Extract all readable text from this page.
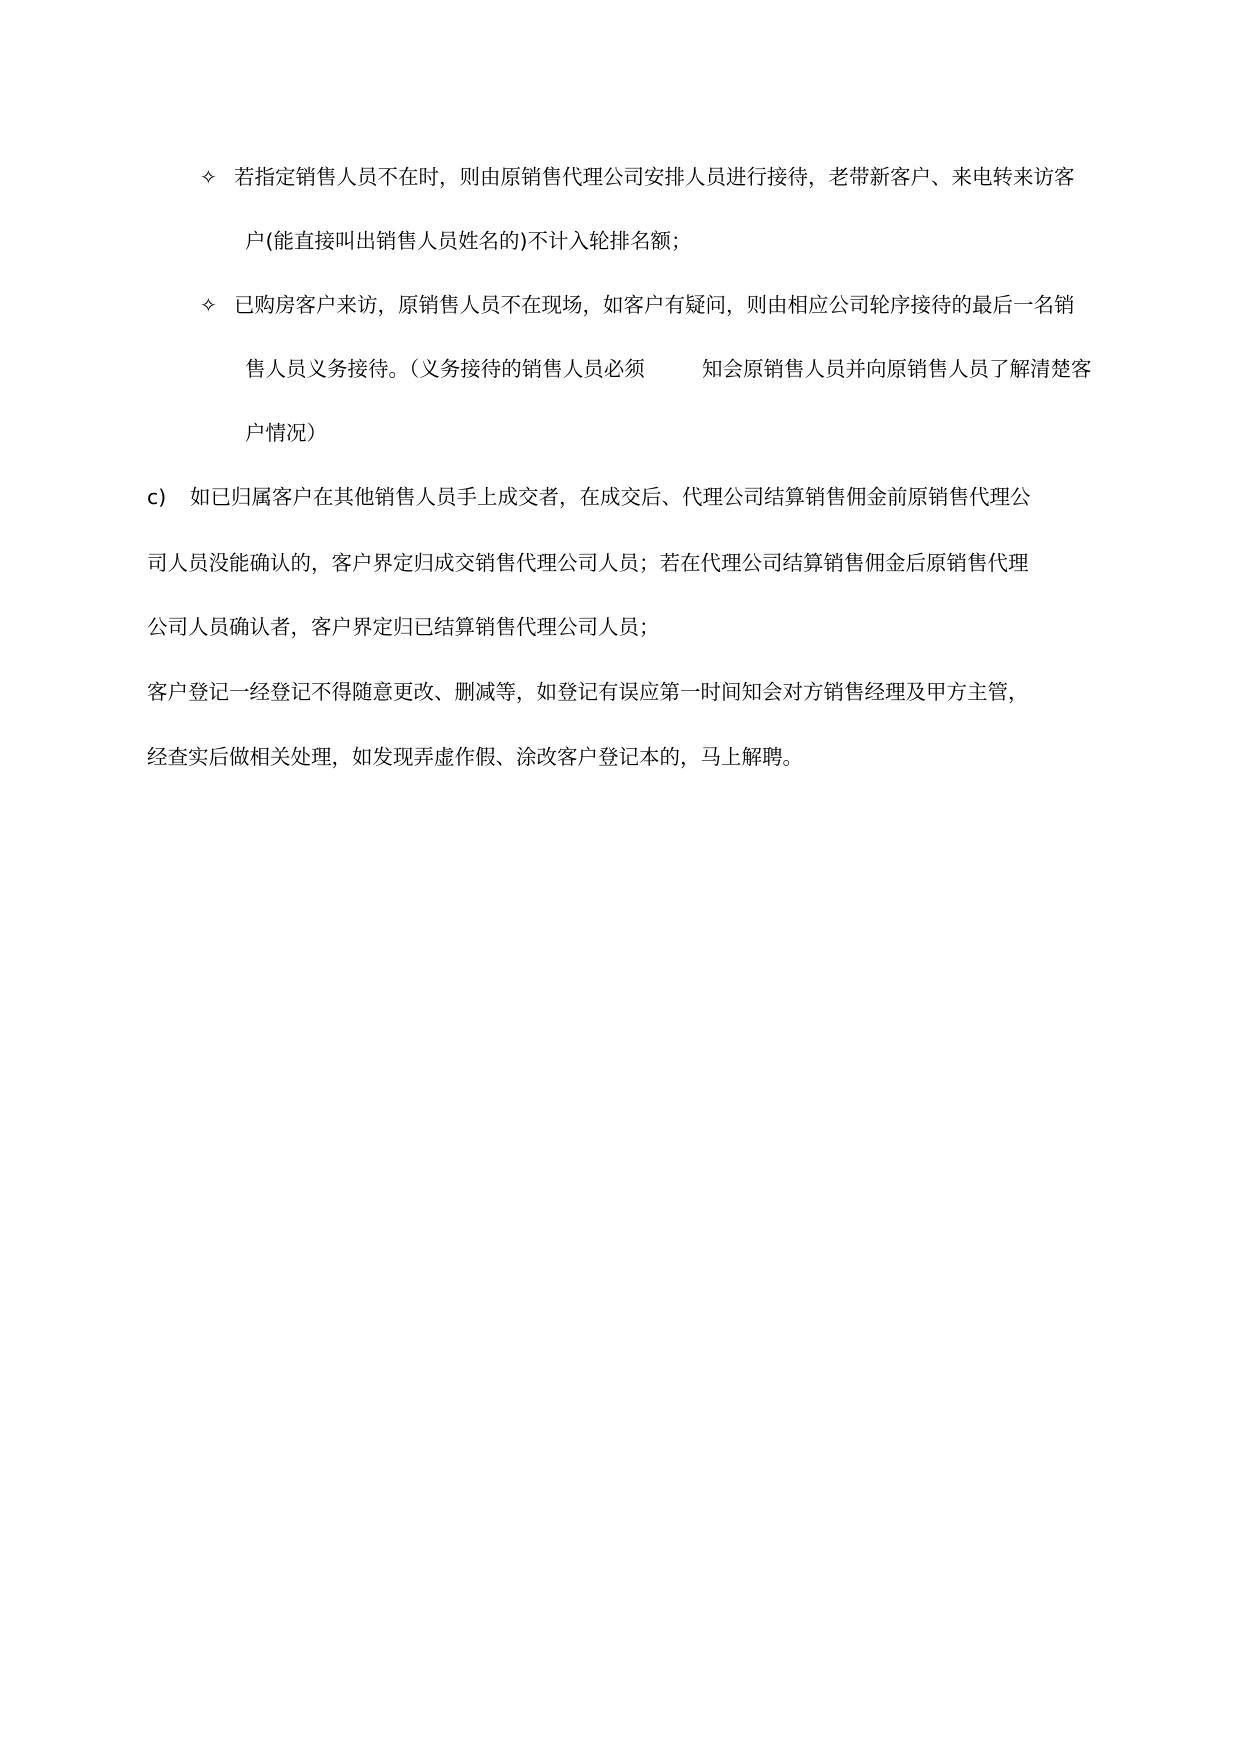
✧ 若指定销售人员不在时，则由原销售代理公司安排人员进行接待，老带新客户、来电转来访客
户(能直接叫出销售人员姓名的)不计入轮排名额；
✧ 已购房客户来访，原销售人员不在现场，如客户有疑问，则由相应公司轮序接待的最后一名销
售人员义务接待。（义务接待的销售人员必须	知会原销售人员并向原销售人员了解清楚客
户情况）
c) 如已归属客户在其他销售人员手上成交者，在成交后、代理公司结算销售佣金前原销售代理公
司人员没能确认的，客户界定归成交销售代理公司人员；若在代理公司结算销售佣金后原销售代理
公司人员确认者，客户界定归已结算销售代理公司人员；
客户登记一经登记不得随意更改、删减等，如登记有误应第一时间知会对方销售经理及甲方主管，
经查实后做相关处理，如发现弄虚作假、涂改客户登记本的，马上解聘。
